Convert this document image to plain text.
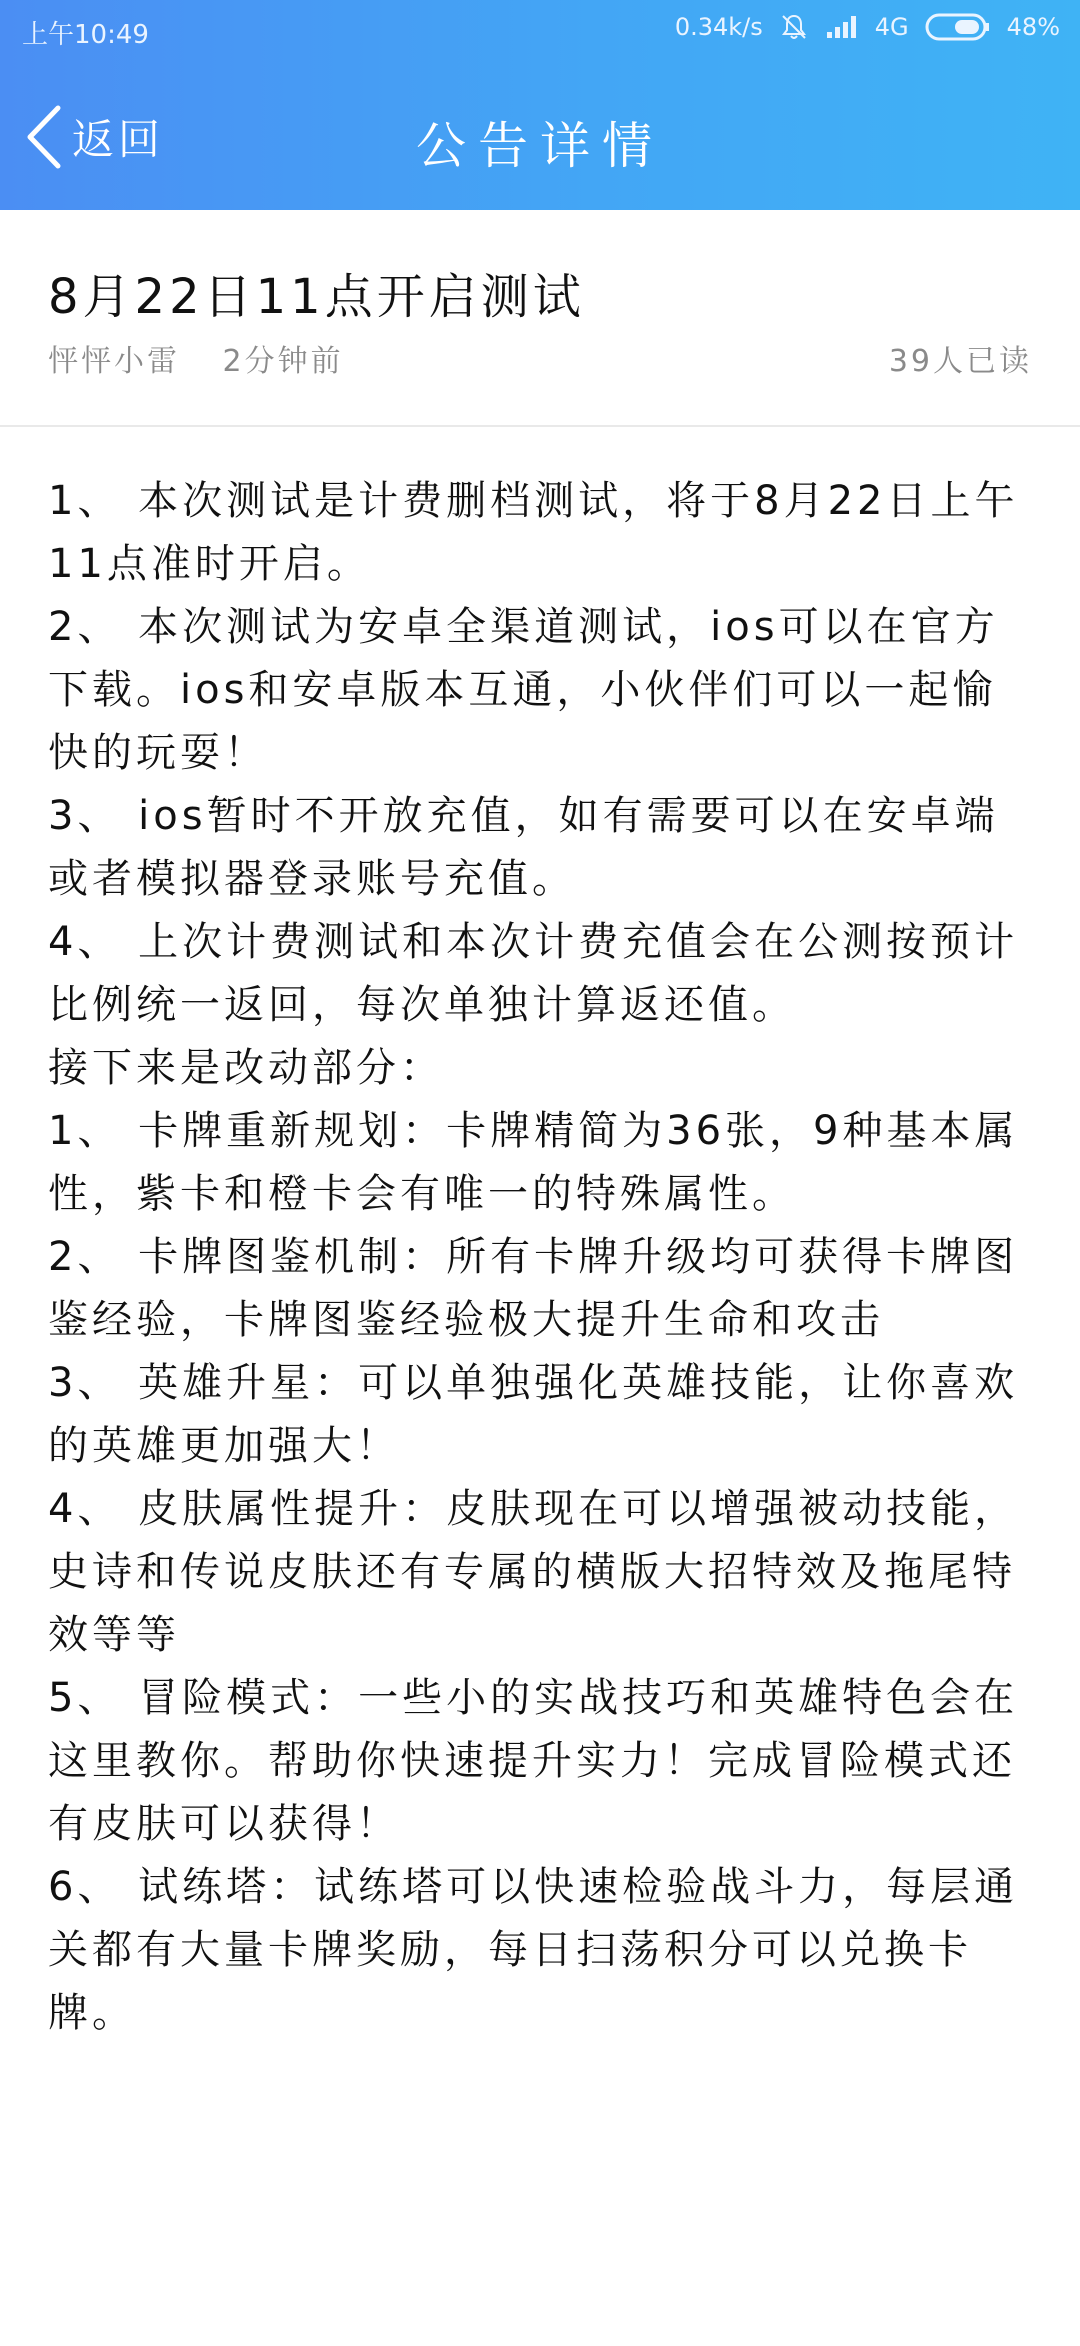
上午10:49	0.34k/s	4G	48%
返回	公告详情
8月22日11点开启测试
怦怦小雷 2分钟前	39人已读

1、 本次测试是计费删档测试，将于8月22日上午11点准时开启。

2、 本次测试为安卓全渠道测试，ios可以在官方下载。ios和安卓版本互通，小伙伴们可以一起愉快的玩耍！

3、 ios暂时不开放充值，如有需要可以在安卓端或者模拟器登录账号充值。

4、 上次计费测试和本次计费充值会在公测按预计比例统一返回，每次单独计算返还值。

接下来是改动部分：

1、 卡牌重新规划：卡牌精简为36张，9种基本属性，紫卡和橙卡会有唯一的特殊属性。

2、 卡牌图鉴机制：所有卡牌升级均可获得卡牌图鉴经验，卡牌图鉴经验极大提升生命和攻击

3、 英雄升星：可以单独强化英雄技能，让你喜欢的英雄更加强大！

4、 皮肤属性提升：皮肤现在可以增强被动技能，史诗和传说皮肤还有专属的横版大招特效及拖尾特效等等

5、 冒险模式：一些小的实战技巧和英雄特色会在这里教你。帮助你快速提升实力！完成冒险模式还有皮肤可以获得！

6、 试练塔：试练塔可以快速检验战斗力，每层通关都有大量卡牌奖励，每日扫荡积分可以兑换卡牌。
